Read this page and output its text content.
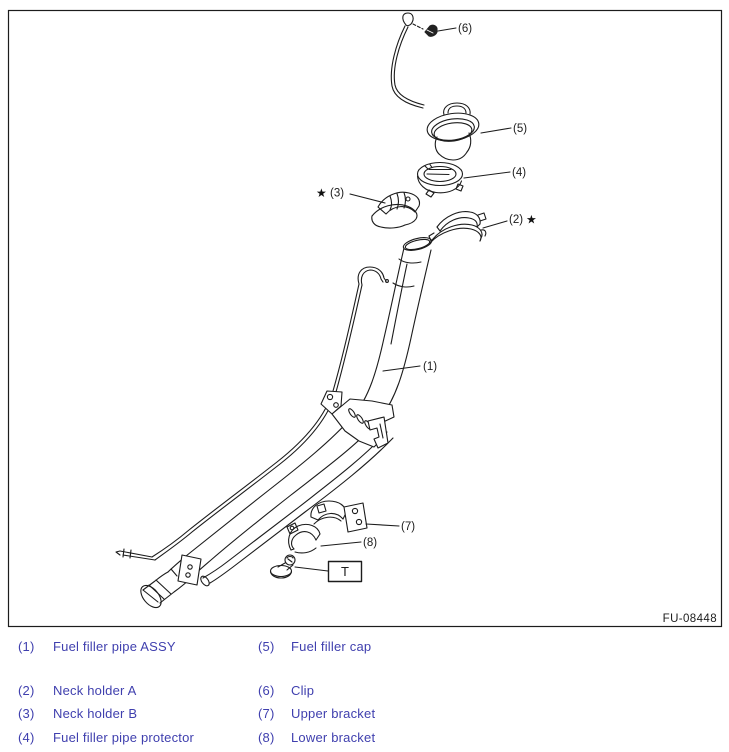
T
(6)
(5)
(4)
★ (3)
(2) ★
(1)
(7)
(8)
FU-08448
(1) Fuel filler pipe ASSY	(5) Fuel filler cap
(2) Neck holder A	(6) Clip
(3) Neck holder B	(7) Upper bracket
(4) Fuel filler pipe protector	(8) Lower bracket
